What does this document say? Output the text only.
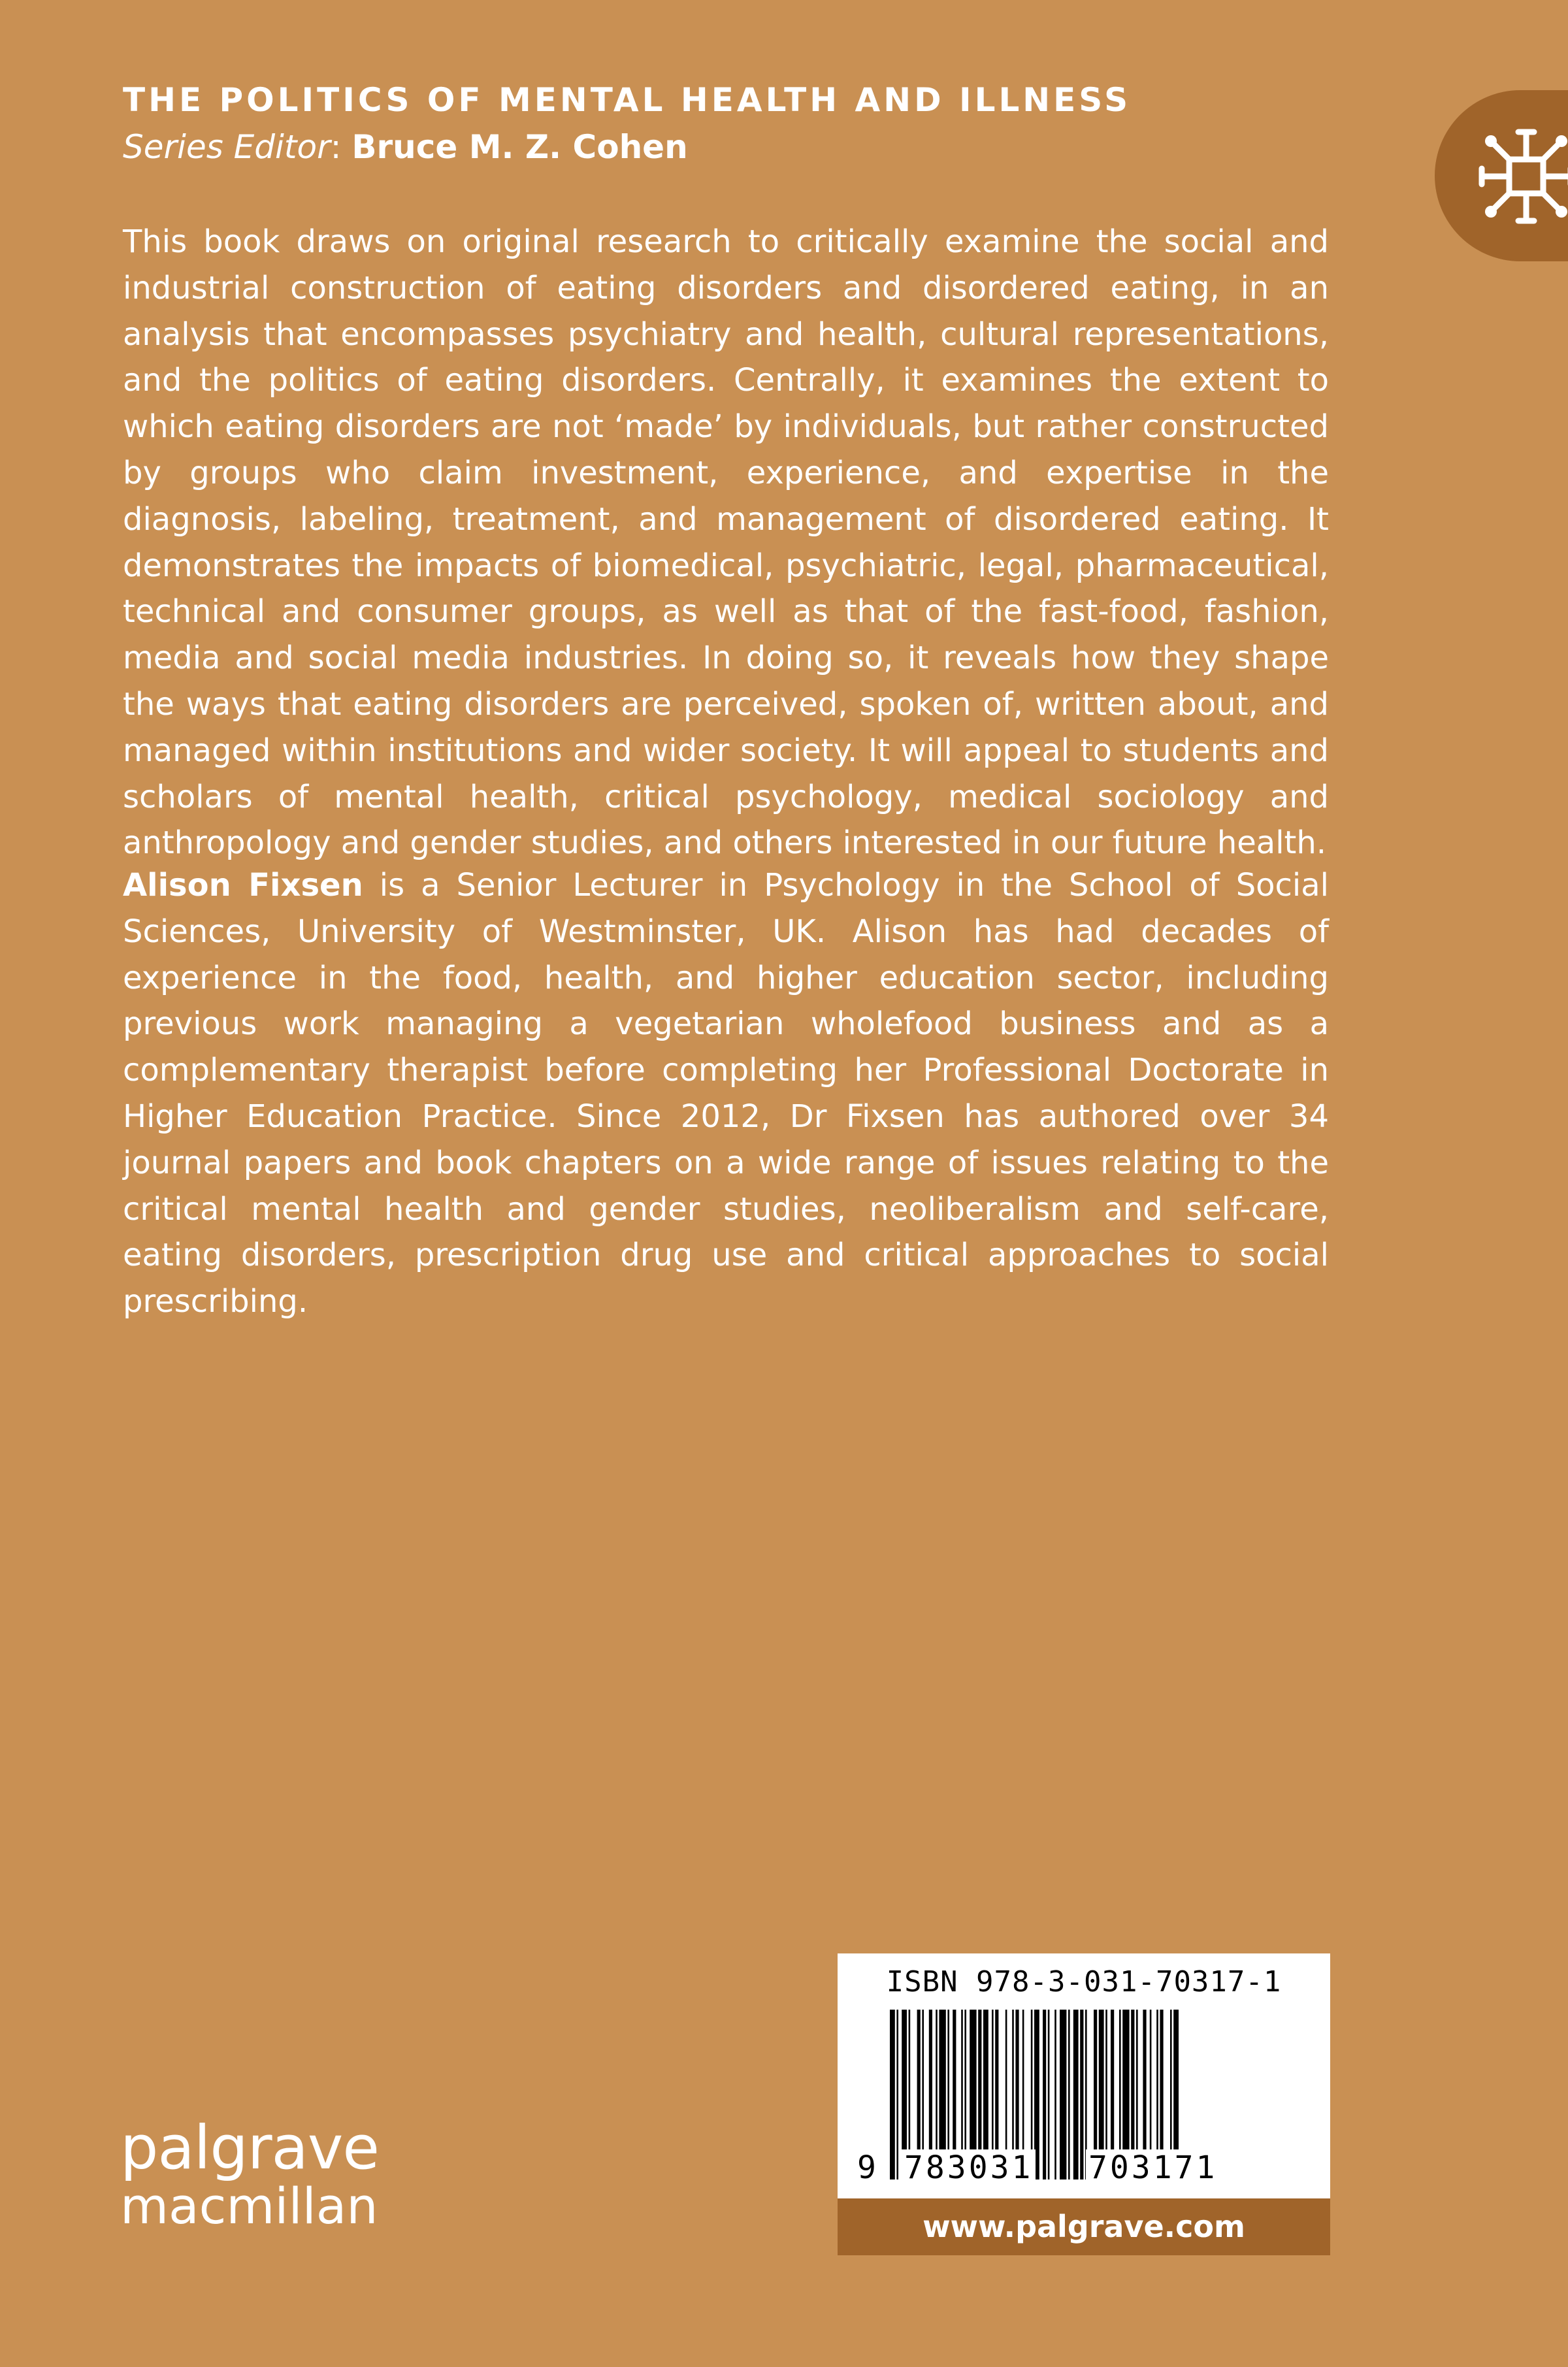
THE POLITICS OF MENTAL HEALTH AND ILLNESS
Series Editor: Bruce M. Z. Cohen
This book draws on original research to critically examine the social and industrial construction of eating disorders and disordered eating, in an analysis that encompasses psychiatry and health, cultural representations, and the politics of eating disorders. Centrally, it examines the extent to which eating disorders are not ‘made’ by individuals, but rather constructed by groups who claim investment, experience, and expertise in the diagnosis, labeling, treatment, and management of disordered eating. It demonstrates the impacts of biomedical, psychiatric, legal, pharmaceutical, technical and consumer groups, as well as that of the fast-food, fashion, media and social media industries. In doing so, it reveals how they shape the ways that eating disorders are perceived, spoken of, written about, and managed within institutions and wider society. It will appeal to students and scholars of mental health, critical psychology, medical sociology and anthropology and gender studies, and others interested in our future health.
Alison Fixsen is a Senior Lecturer in Psychology in the School of Social Sciences, University of Westminster, UK. Alison has had decades of experience in the food, health, and higher education sector, including previous work managing a vegetarian wholefood business and as a complementary therapist before completing her Professional Doctorate in Higher Education Practice. Since 2012, Dr Fixsen has authored over 34 journal papers and book chapters on a wide range of issues relating to the critical mental health and gender studies, neoliberalism and self-care, eating disorders, prescription drug use and critical approaches to social prescribing.
palgrave
macmillan
ISBN 978-3-031-70317-1
9 783031 703171
www.palgrave.com
